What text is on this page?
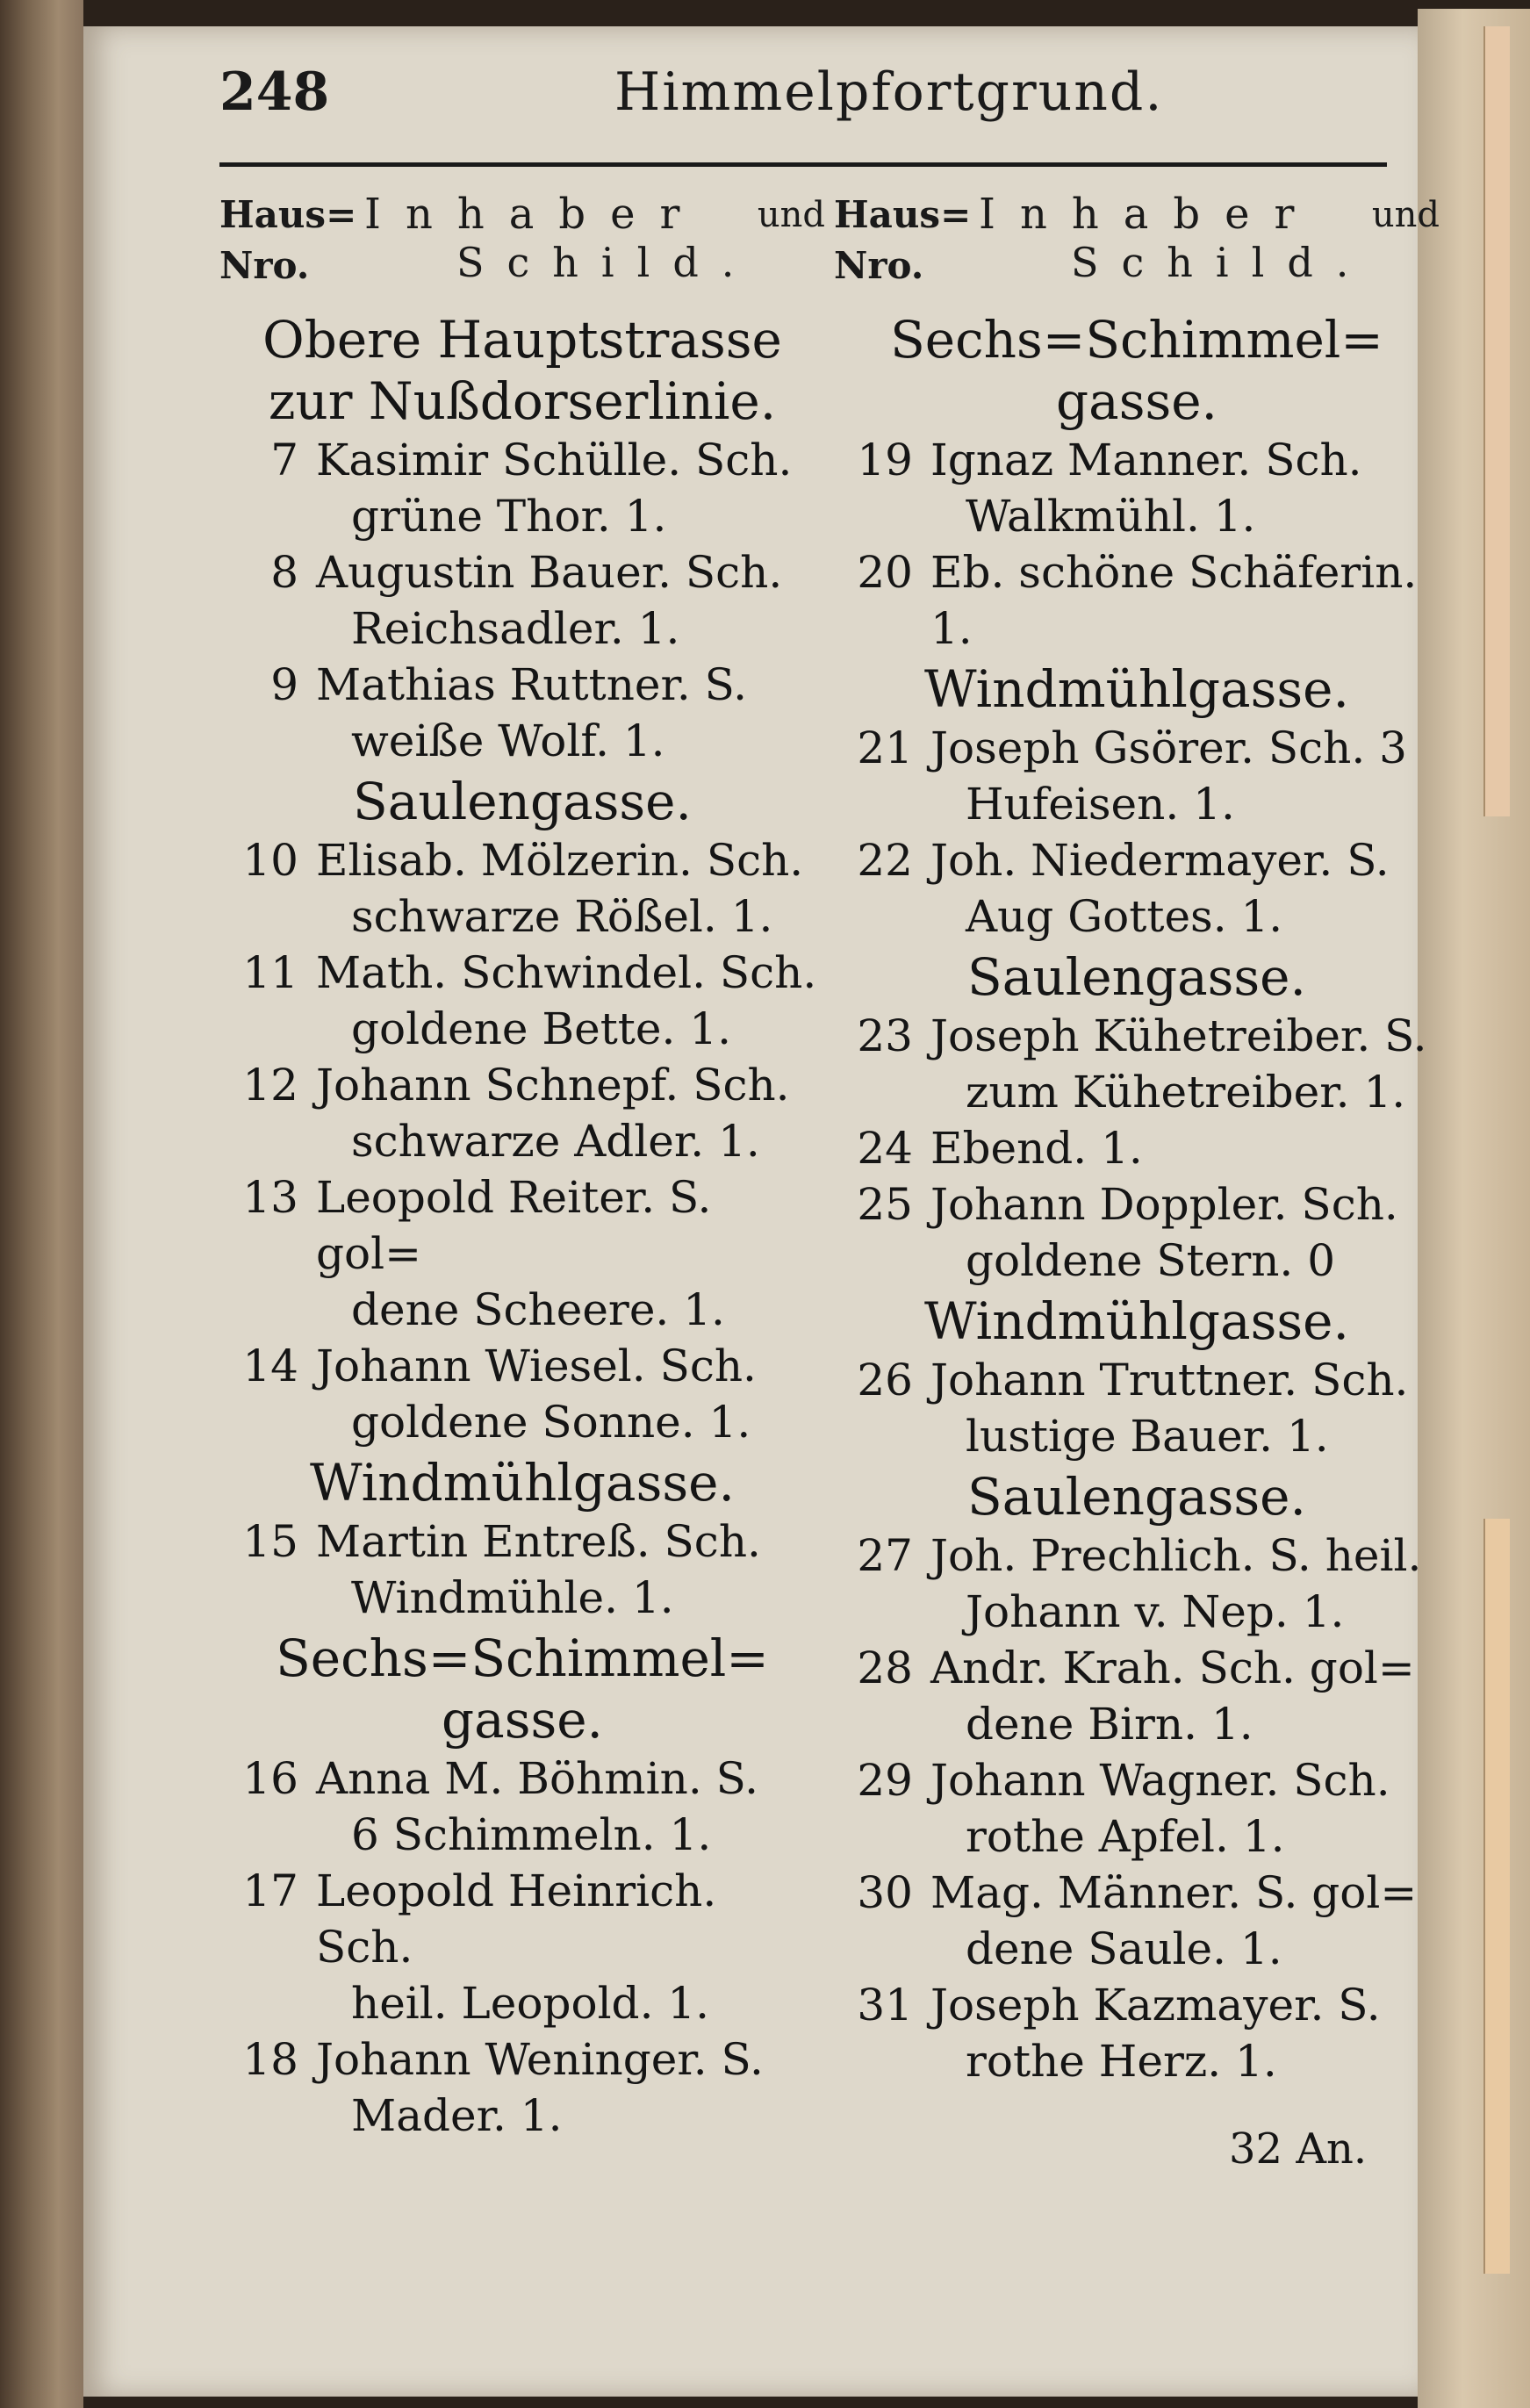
248	Himmelpfortgrund.
Haus=
Nro.
Inhaber und
Schild.
Obere Hauptstrasse
zur Nußdorserlinie.
7 Kasimir Schülle. Sch.
grüne Thor. 1.
8 Augustin Bauer. Sch.
Reichsadler. 1.
9 Mathias Ruttner. S.
weiße Wolf. 1.
Saulengasse.
10 Elisab. Mölzerin. Sch.
schwarze Rößel. 1.
11 Math. Schwindel. Sch.
goldene Bette. 1.
12 Johann Schnepf. Sch.
schwarze Adler. 1.
13 Leopold Reiter. S. gol=
dene Scheere. 1.
14 Johann Wiesel. Sch.
goldene Sonne. 1.
Windmühlgasse.
15 Martin Entreß. Sch.
Windmühle. 1.
Sechs=Schimmel=
gasse.
16 Anna M. Böhmin. S.
6 Schimmeln. 1.
17 Leopold Heinrich. Sch.
heil. Leopold. 1.
18 Johann Weninger. S.
Mader. 1.
Haus=
Nro.
Inhaber und
Schild.
Sechs=Schimmel=
gasse.
19 Ignaz Manner. Sch.
Walkmühl. 1.
20 Eb. schöne Schäferin. 1.
Windmühlgasse.
21 Joseph Gsörer. Sch. 3
Hufeisen. 1.
22 Joh. Niedermayer. S.
Aug Gottes. 1.
Saulengasse.
23 Joseph Kühetreiber. S.
zum Kühetreiber. 1.
24 Ebend. 1.
25 Johann Doppler. Sch.
goldene Stern. 0
Windmühlgasse.
26 Johann Truttner. Sch.
lustige Bauer. 1.
Saulengasse.
27 Joh. Prechlich. S. heil.
Johann v. Nep. 1.
28 Andr. Krah. Sch. gol=
dene Birn. 1.
29 Johann Wagner. Sch.
rothe Apfel. 1.
30 Mag. Männer. S. gol=
dene Saule. 1.
31 Joseph Kazmayer. S.
rothe Herz. 1.
32 An.
